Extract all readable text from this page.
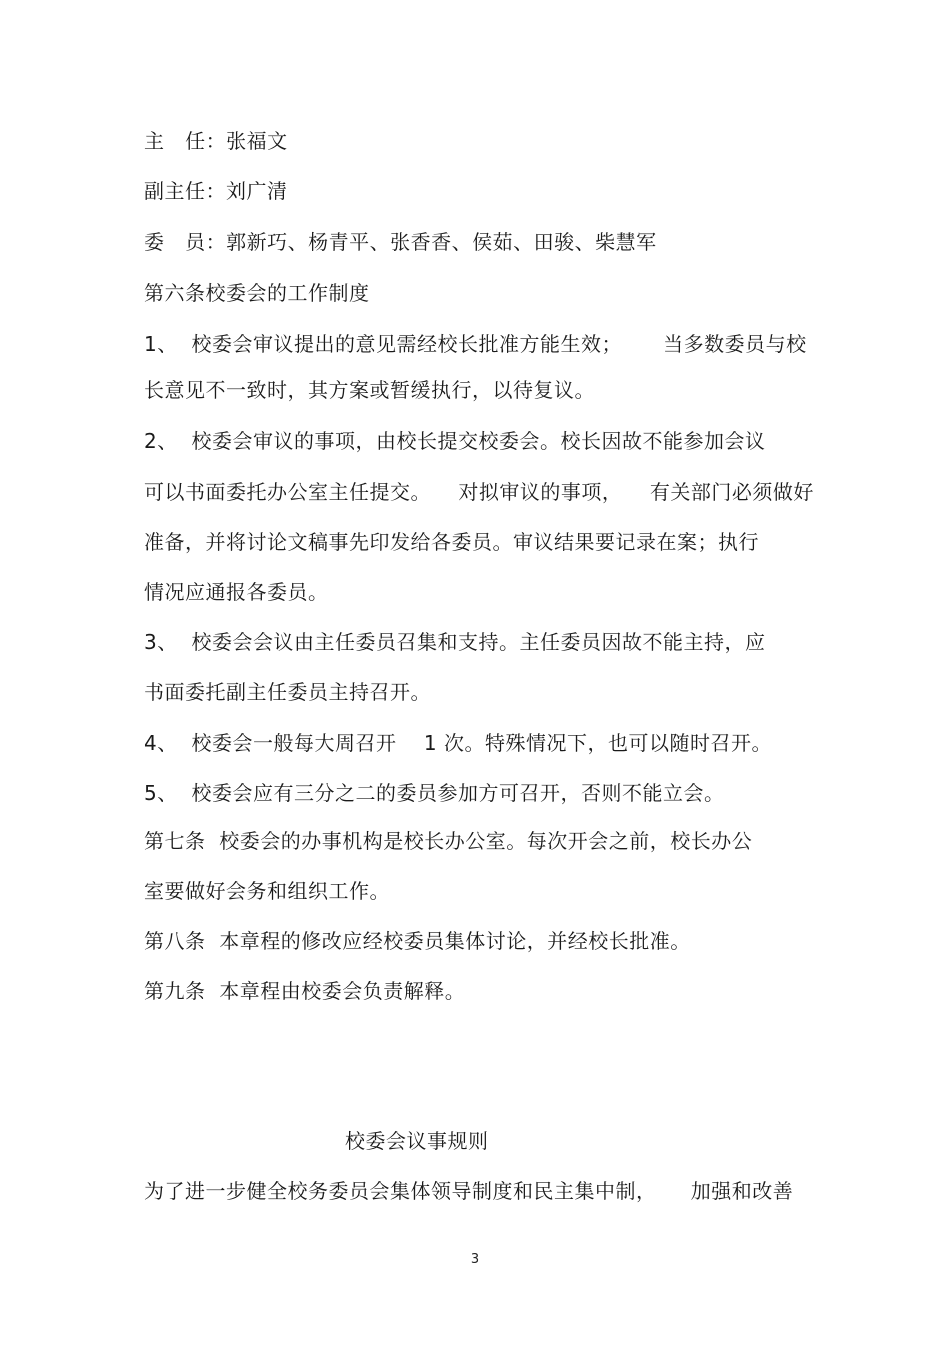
主   任：张福文
副主任：刘广清
委   员：郭新巧、杨青平、张香香、侯茹、田骏、柴慧军
第六条校委会的工作制度
1、  校委会审议提出的意见需经校长批准方能生效；      当多数委员与校
长意见不一致时，其方案或暂缓执行，以待复议。
2、  校委会审议的事项，由校长提交校委会。校长因故不能参加会议
可以书面委托办公室主任提交。    对拟审议的事项，    有关部门必须做好
准备，并将讨论文稿事先印发给各委员。审议结果要记录在案；执行
情况应通报各委员。
3、  校委会会议由主任委员召集和支持。主任委员因故不能主持，应
书面委托副主任委员主持召开。
4、  校委会一般每大周召开    1 次。特殊情况下，也可以随时召开。
5、  校委会应有三分之二的委员参加方可召开，否则不能立会。
第七条  校委会的办事机构是校长办公室。每次开会之前，校长办公
室要做好会务和组织工作。
第八条  本章程的修改应经校委员集体讨论，并经校长批准。
第九条  本章程由校委会负责解释。
校委会议事规则
为了进一步健全校务委员会集体领导制度和民主集中制，     加强和改善
3
